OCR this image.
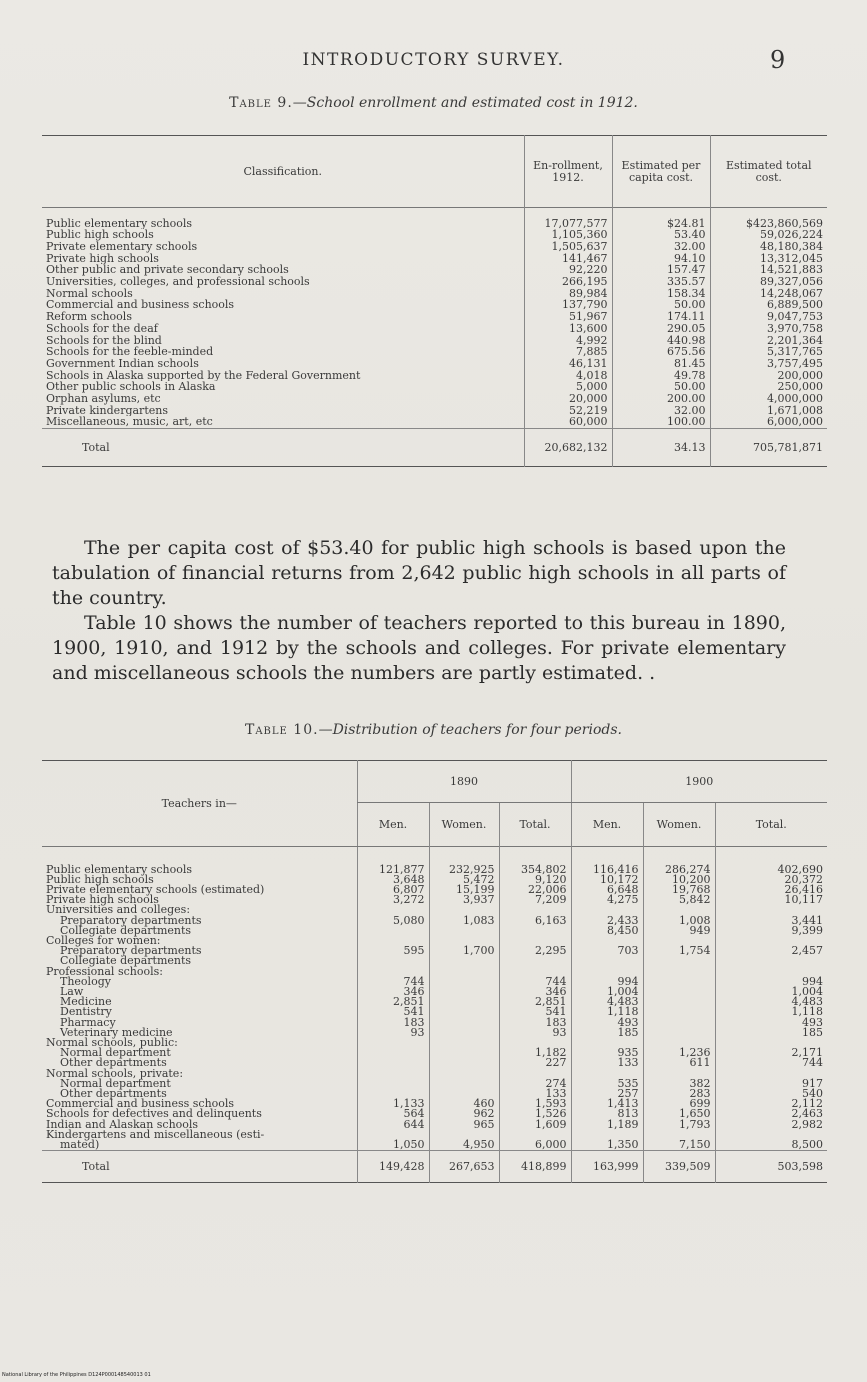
INTRODUCTORY SURVEY.	9
Table 9.—School enrollment and estimated cost in 1912.
Classification.	En-rollment, 1912.	Estimated per capita cost.	Estimated total cost.

Public elementary schools	17,077,577	$24.81	$423,860,569
Public high schools	1,105,360	53.40	59,026,224
Private elementary schools	1,505,637	32.00	48,180,384
Private high schools	141,467	94.10	13,312,045
Other public and private secondary schools	92,220	157.47	14,521,883
Universities, colleges, and professional schools	266,195	335.57	89,327,056
Normal schools	89,984	158.34	14,248,067
Commercial and business schools	137,790	50.00	6,889,500
Reform schools	51,967	174.11	9,047,753
Schools for the deaf	13,600	290.05	3,970,758
Schools for the blind	4,992	440.98	2,201,364
Schools for the feeble-minded	7,885	675.56	5,317,765
Government Indian schools	46,131	81.45	3,757,495
Schools in Alaska supported by the Federal Government	4,018	49.78	200,000
Other public schools in Alaska	5,000	50.00	250,000
Orphan asylums, etc	20,000	200.00	4,000,000
Private kindergartens	52,219	32.00	1,671,008
Miscellaneous, music, art, etc	60,000	100.00	6,000,000
Total	20,682,132	34.13	705,781,871

The per capita cost of $53.40 for public high schools is based upon the tabulation of financial returns from 2,642 public high schools in all parts of the country.

Table 10 shows the number of teachers reported to this bureau in 1890, 1900, 1910, and 1912 by the schools and colleges. For private elementary and miscellaneous schools the numbers are partly estimated. .

Table 10.—Distribution of teachers for four periods.
Teachers in—	1890			1900		
	Men.	Women.	Total.	Men.	Women.	Total.

Public elementary schools	121,877	232,925	354,802	116,416	286,274	402,690
Public high schools	3,648	5,472	9,120	10,172	10,200	20,372
Private elementary schools (estimated)	6,807	15,199	22,006	6,648	19,768	26,416
Private high schools	3,272	3,937	7,209	4,275	5,842	10,117
Universities and colleges:						
Preparatory departments	5,080	1,083	6,163	2,433	1,008	3,441
Collegiate departments				8,450	949	9,399
Colleges for women:						
Preparatory departments	595	1,700	2,295	703	1,754	2,457
Collegiate departments						
Professional schools:						
Theology	744		744	994		994
Law	346		346	1,004		1,004
Medicine	2,851		2,851	4,483		4,483
Dentistry	541		541	1,118		1,118
Pharmacy	183		183	493		493
Veterinary medicine	93		93	185		185
Normal schools, public:						
Normal department			1,182	935	1,236	2,171
Other departments			227	133	611	744
Normal schools, private:						
Normal department			274	535	382	917
Other departments			133	257	283	540
Commercial and business schools	1,133	460	1,593	1,413	699	2,112
Schools for defectives and delinquents	564	962	1,526	813	1,650	2,463
Indian and Alaskan schools	644	965	1,609	1,189	1,793	2,982
Kindergartens and miscellaneous (esti-						
mated)	1,050	4,950	6,000	1,350	7,150	8,500
Total	149,428	267,653	418,899	163,999	339,509	503,598
National Library of the Philippines D124P000148540013 01
